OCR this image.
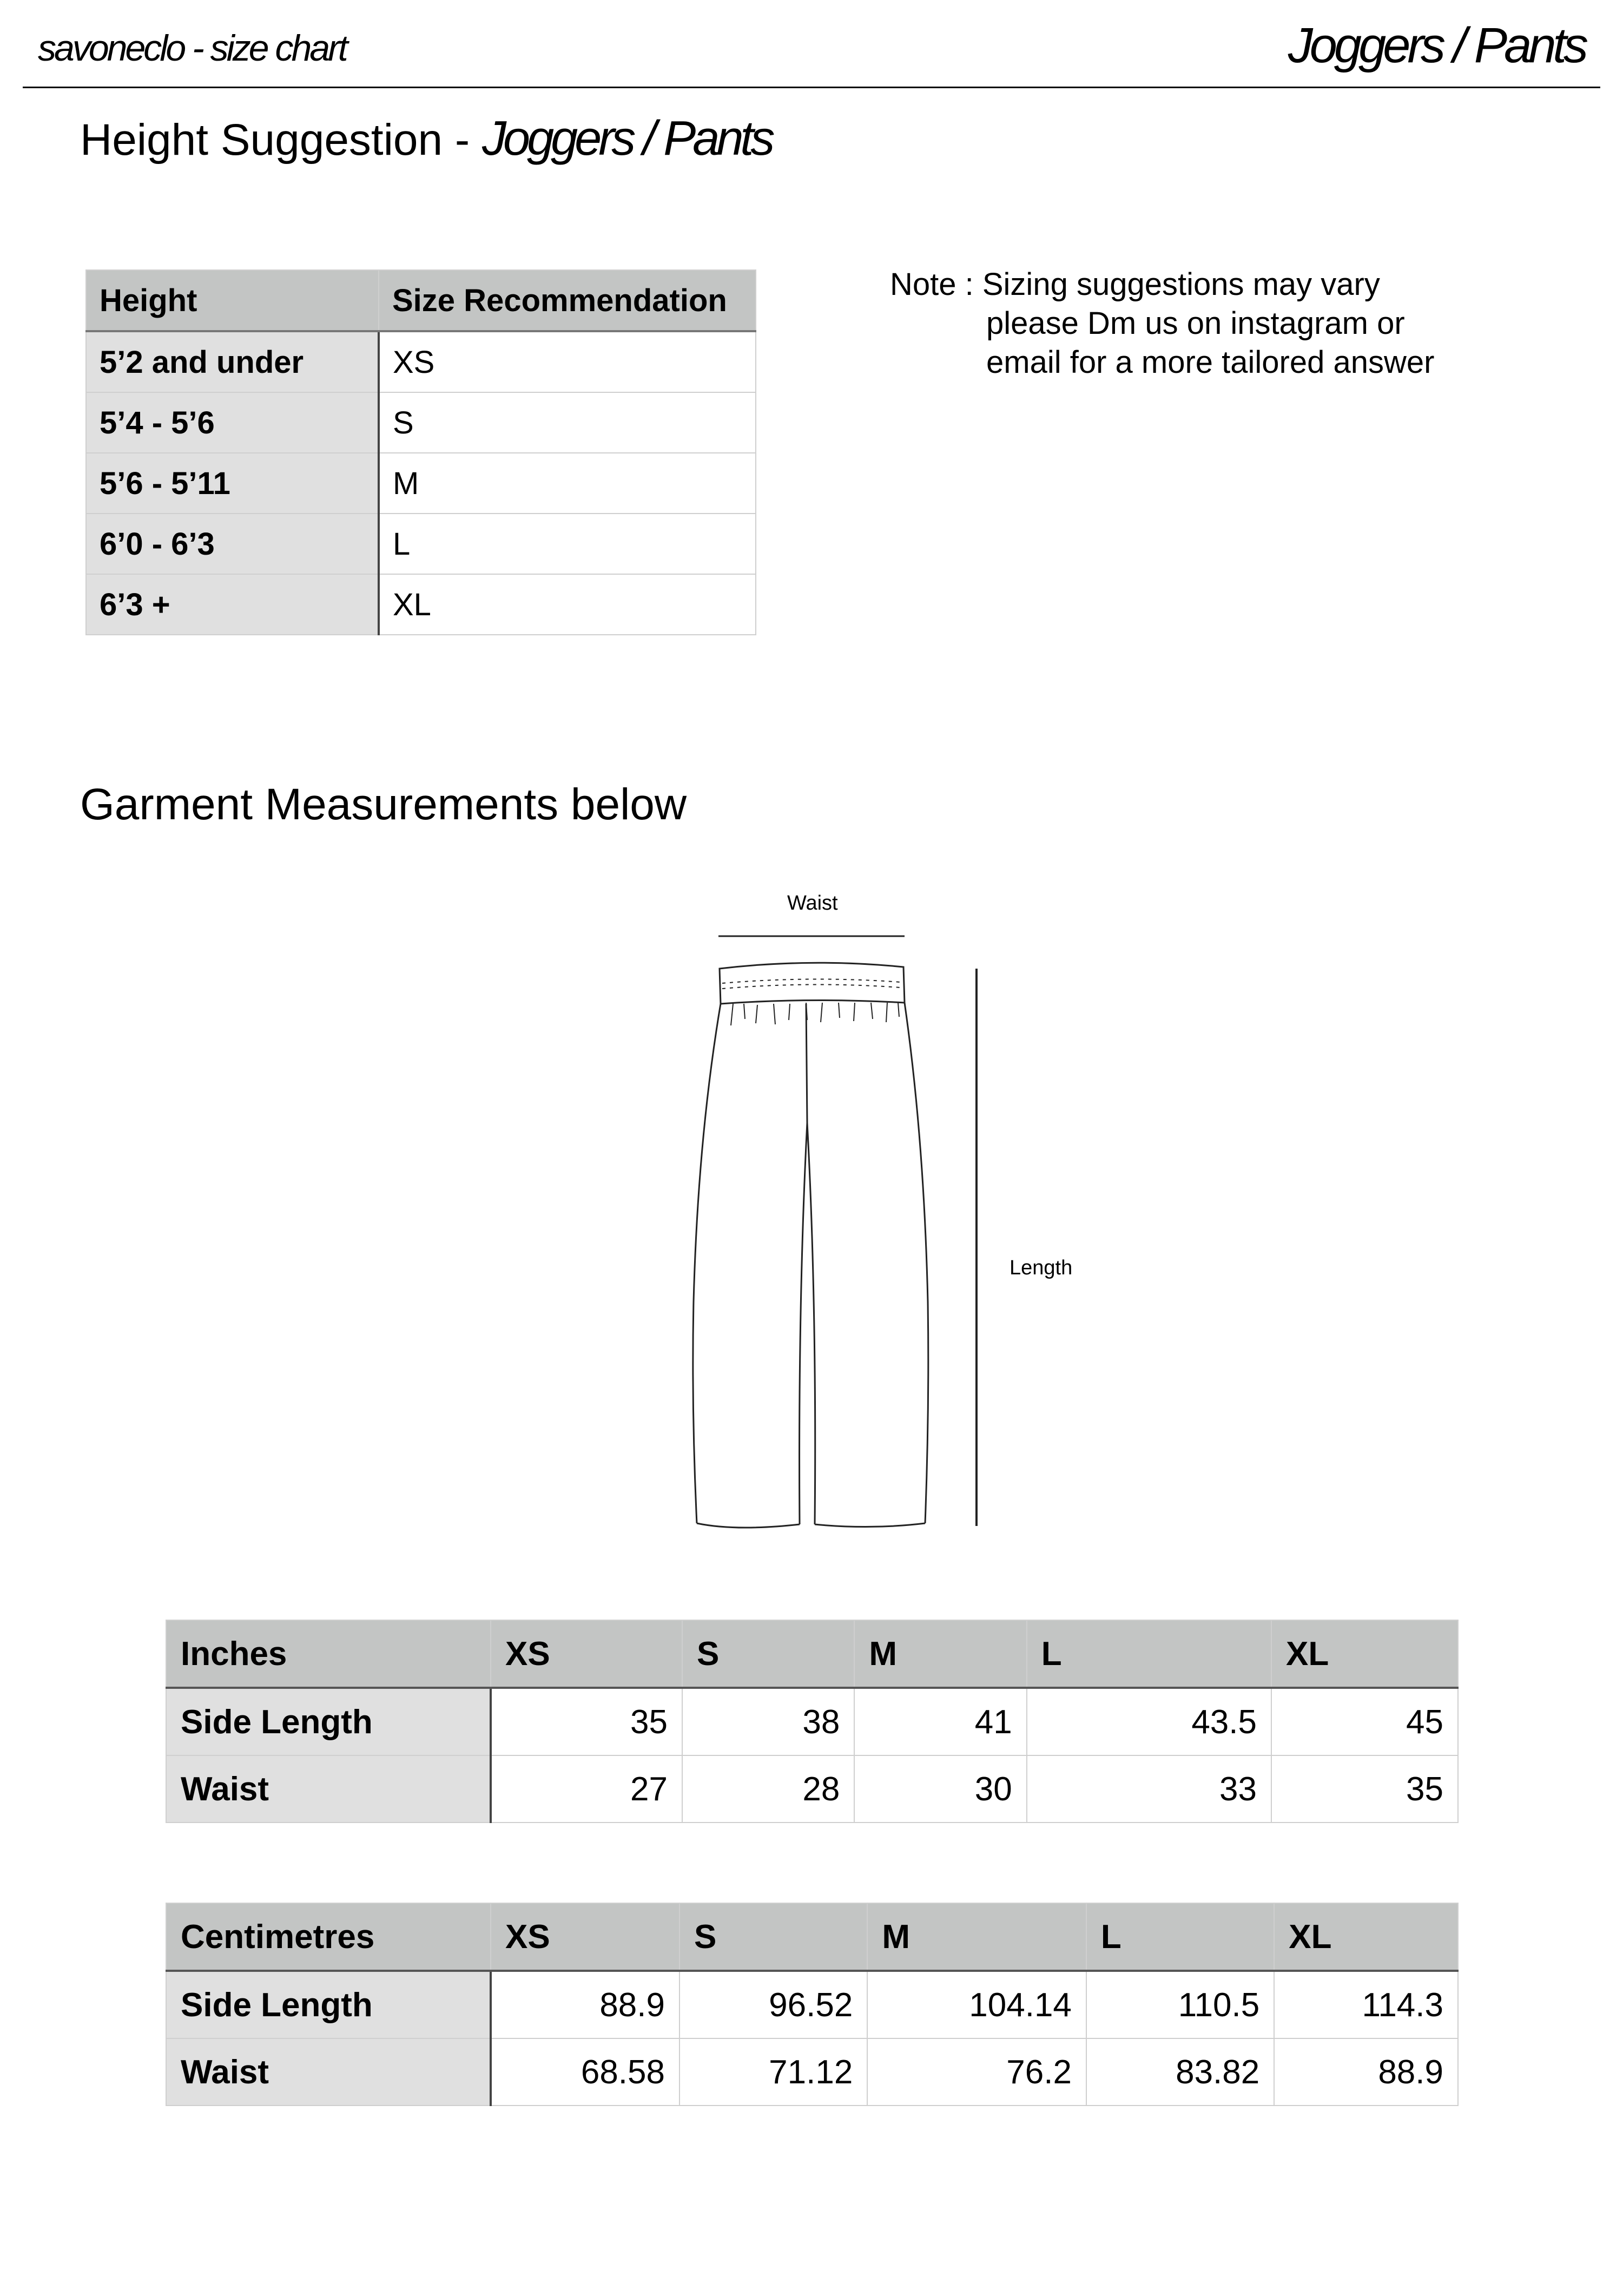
savoneclo - size chart	Joggers / Pants
Height Suggestion - Joggers / Pants
Height	Size Recommendation
5’2 and under	XS
5’4 - 5’6	S
5’6 - 5’11	M
6’0 - 6’3	L
6’3 +	XL
Note : Sizing suggestions may vary
please Dm us on instagram or
email for a more tailored answer
Garment Measurements below
Waist
Length
Inches	XS	S	M	L	XL
Side Length	35	38	41	43.5	45
Waist	27	28	30	33	35
Centimetres	XS	S	M	L	XL
Side Length	88.9	96.52	104.14	110.5	114.3
Waist	68.58	71.12	76.2	83.82	88.9
